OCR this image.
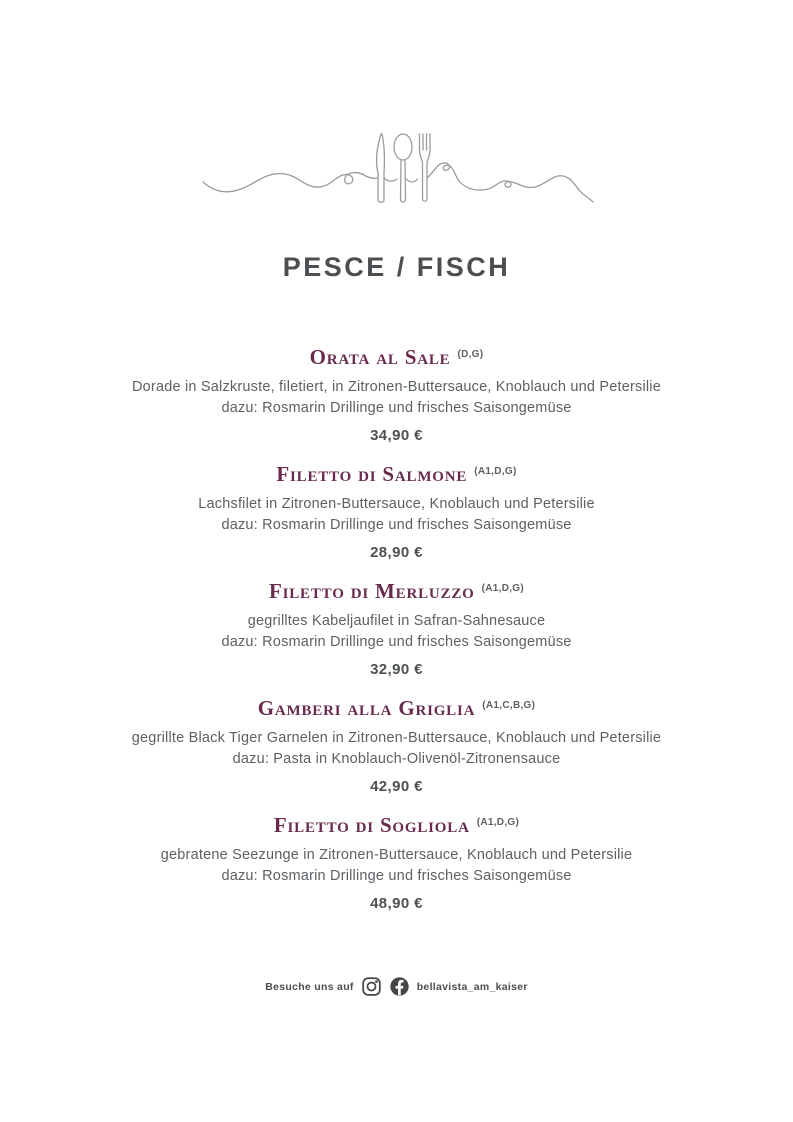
PESCE / FISCH
Orata al Sale $^{(D,G)}$

Dorade in Salzkruste, filetiert, in Zitronen-Buttersauce, Knoblauch und Petersilie
dazu: Rosmarin Drillinge und frisches Saisongemüse

34,90 €

Filetto di Salmone $^{(A1,D,G)}$

Lachsfilet in Zitronen-Buttersauce, Knoblauch und Petersilie
dazu: Rosmarin Drillinge und frisches Saisongemüse

28,90 €

Filetto di Merluzzo $^{(A1,D,G)}$

gegrilltes Kabeljaufilet in Safran-Sahnesauce
dazu: Rosmarin Drillinge und frisches Saisongemüse

32,90 €

Gamberi alla Griglia $^{(A1,C,B,G)}$

gegrillte Black Tiger Garnelen in Zitronen-Buttersauce, Knoblauch und Petersilie
dazu: Pasta in Knoblauch-Olivenöl-Zitronensauce

42,90 €

Filetto di Sogliola $^{(A1,D,G)}$

gebratene Seezunge in Zitronen-Buttersauce, Knoblauch und Petersilie
dazu: Rosmarin Drillinge und frisches Saisongemüse

48,90 €

Besuche uns auf	bellavista_am_kaiser
